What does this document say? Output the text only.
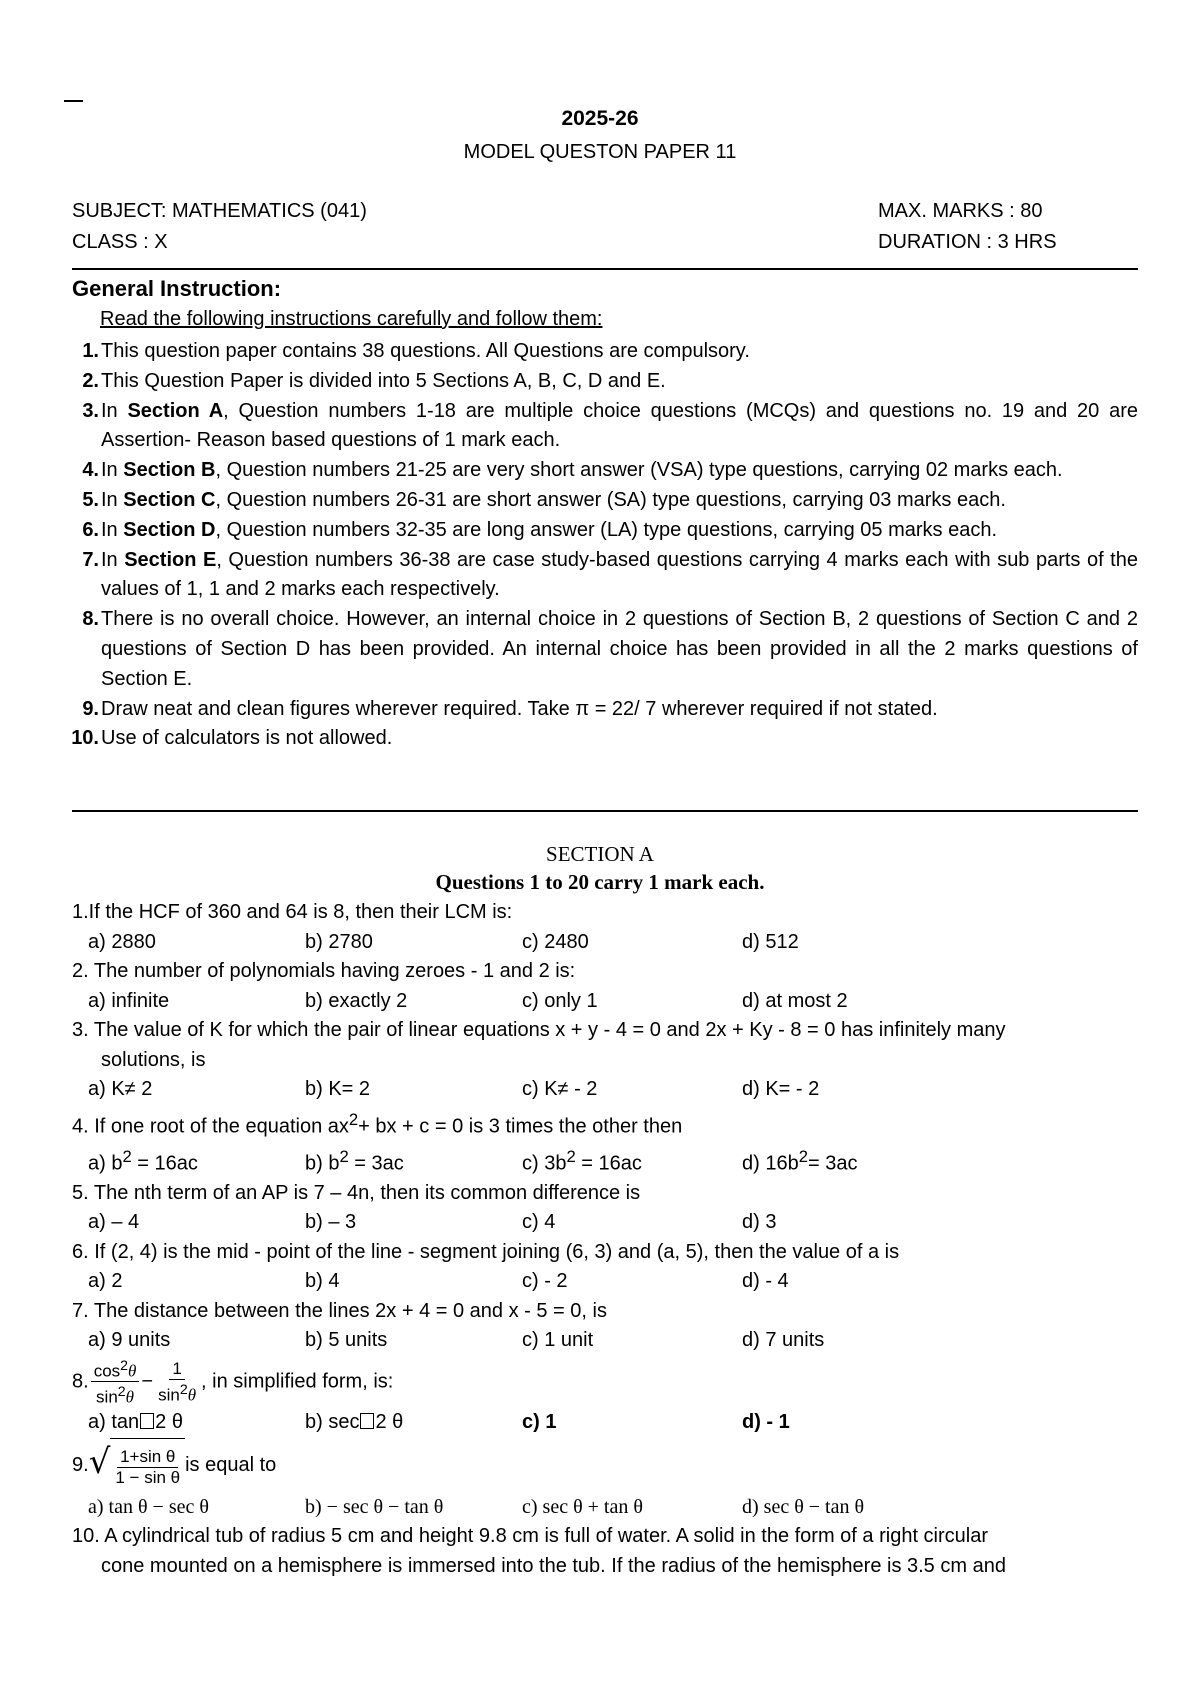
2025-26
MODEL QUESTON PAPER 11
SUBJECT: MATHEMATICS (041)	MAX. MARKS : 80
CLASS : X	DURATION : 3 HRS
General Instruction:
Read the following instructions carefully and follow them:
1. This question paper contains 38 questions. All Questions are compulsory.
2. This Question Paper is divided into 5 Sections A, B, C, D and E.
3. In Section A, Question numbers 1-18 are multiple choice questions (MCQs) and questions no. 19 and 20 are Assertion- Reason based questions of 1 mark each.
4. In Section B, Question numbers 21-25 are very short answer (VSA) type questions, carrying 02 marks each.
5. In Section C, Question numbers 26-31 are short answer (SA) type questions, carrying 03 marks each.
6. In Section D, Question numbers 32-35 are long answer (LA) type questions, carrying 05 marks each.
7. In Section E, Question numbers 36-38 are case study-based questions carrying 4 marks each with sub parts of the values of 1, 1 and 2 marks each respectively.
8. There is no overall choice. However, an internal choice in 2 questions of Section B, 2 questions of Section C and 2 questions of Section D has been provided. An internal choice has been provided in all the 2 marks questions of Section E.
9. Draw neat and clean figures wherever required. Take π = 22/ 7 wherever required if not stated.
10. Use of calculators is not allowed.
SECTION A
Questions 1 to 20 carry 1 mark each.
1.If the HCF of 360 and 64 is 8, then their LCM is:
a) 2880	b) 2780	c) 2480	d) 512
2. The number of polynomials having zeroes - 1 and 2 is:
a) infinite	b) exactly 2	c) only 1	d) at most 2
3. The value of K for which the pair of linear equations x + y - 4 = 0 and 2x + Ky - 8 = 0 has infinitely many
solutions, is
a) K≠ 2	b) K= 2	c) K≠ - 2	d) K= - 2
4. If one root of the equation $ax^2+$ bx + c = 0 is 3 times the other then
a) $b^2 = 16ac$	b) $b^2 = 3ac$	c) $3b^2 = 16ac$	d) $16b^2= 3ac$
5. The nth term of an AP is 7 – 4n, then its common difference is
a) – 4	b) – 3	c) 4	d) 3
6. If (2, 4) is the mid - point of the line - segment joining (6, 3) and (a, 5), then the value of a is
a) 2	b) 4	c) - 2	d) - 4
7. The distance between the lines 2x + 4 = 0 and x - 5 = 0, is
a) 9 units	b) 5 units	c) 1 unit	d) 7 units
8. $\frac{\cos^2\theta}{\sin^2\theta} - \frac{1}{\sin^2\theta}$ , in simplified form, is:
a) tan 2 θ	b) sec 2 θ	c) 1	d) - 1
9. √ $\frac{\text{1+sin θ}}{\text{1 − sin θ}}$ is equal to
a) tan θ − sec θ	b) − sec θ − tan θ	c) sec θ + tan θ	d) sec θ − tan θ
10. A cylindrical tub of radius 5 cm and height 9.8 cm is full of water. A solid in the form of a right circular
cone mounted on a hemisphere is immersed into the tub. If the radius of the hemisphere is 3.5 cm and
